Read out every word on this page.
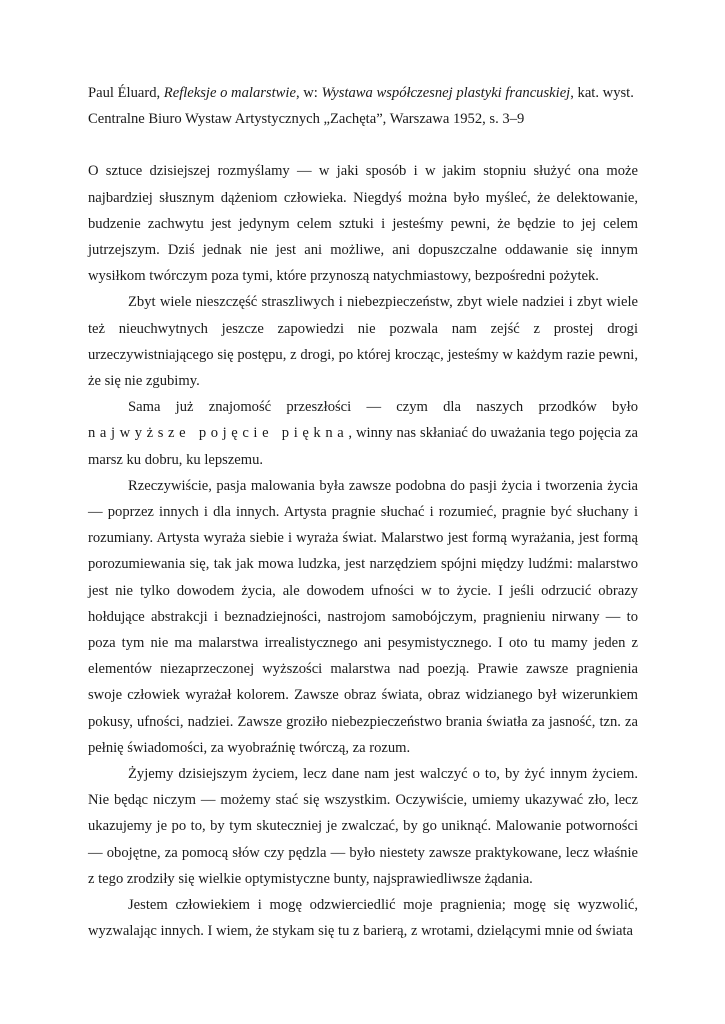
Paul Éluard, Refleksje o malarstwie, w: Wystawa współczesnej plastyki francuskiej, kat. wyst. Centralne Biuro Wystaw Artystycznych „Zachęta”, Warszawa 1952, s. 3–9

O sztuce dzisiejszej rozmyślamy — w jaki sposób i w jakim stopniu służyć ona może najbardziej słusznym dążeniom człowieka. Niegdyś można było myśleć, że delektowanie, budzenie zachwytu jest jedynym celem sztuki i jesteśmy pewni, że będzie to jej celem jutrzejszym. Dziś jednak nie jest ani możliwe, ani dopuszczalne oddawanie się innym wysiłkom twórczym poza tymi, które przynoszą natychmiastowy, bezpośredni pożytek.

Zbyt wiele nieszczęść straszliwych i niebezpieczeństw, zbyt wiele nadziei i zbyt wiele też nieuchwytnych jeszcze zapowiedzi nie pozwala nam zejść z prostej drogi urzeczywistniającego się postępu, z drogi, po której krocząc, jesteśmy w każdym razie pewni, że się nie zgubimy.

Sama już znajomość przeszłości — czym dla naszych przodków było najwyższe pojęcie piękna, winny nas skłaniać do uważania tego pojęcia za marsz ku dobru, ku lepszemu.

Rzeczywiście, pasja malowania była zawsze podobna do pasji życia i tworzenia życia — poprzez innych i dla innych. Artysta pragnie słuchać i rozumieć, pragnie być słuchany i rozumiany. Artysta wyraża siebie i wyraża świat. Malarstwo jest formą wyrażania, jest formą porozumiewania się, tak jak mowa ludzka, jest narzędziem spójni między ludźmi: malarstwo jest nie tylko dowodem życia, ale dowodem ufności w to życie. I jeśli odrzucić obrazy hołdujące abstrakcji i beznadziejności, nastrojom samobójczym, pragnieniu nirwany — to poza tym nie ma malarstwa irrealistycznego ani pesymistycznego. I oto tu mamy jeden z elementów niezaprzeczonej wyższości malarstwa nad poezją. Prawie zawsze pragnienia swoje człowiek wyrażał kolorem. Zawsze obraz świata, obraz widzianego był wizerunkiem pokusy, ufności, nadziei. Zawsze groziło niebezpieczeństwo brania światła za jasność, tzn. za pełnię świadomości, za wyobraźnię twórczą, za rozum.

Żyjemy dzisiejszym życiem, lecz dane nam jest walczyć o to, by żyć innym życiem. Nie będąc niczym — możemy stać się wszystkim. Oczywiście, umiemy ukazywać zło, lecz ukazujemy je po to, by tym skuteczniej je zwalczać, by go uniknąć. Malowanie potworności — obojętne, za pomocą słów czy pędzla — było niestety zawsze praktykowane, lecz właśnie z tego zrodziły się wielkie optymistyczne bunty, najsprawiedliwsze żądania.

Jestem człowiekiem i mogę odzwierciedlić moje pragnienia; mogę się wyzwolić, wyzwalając innych. I wiem, że stykam się tu z barierą, z wrotami, dzielącymi mnie od świata
